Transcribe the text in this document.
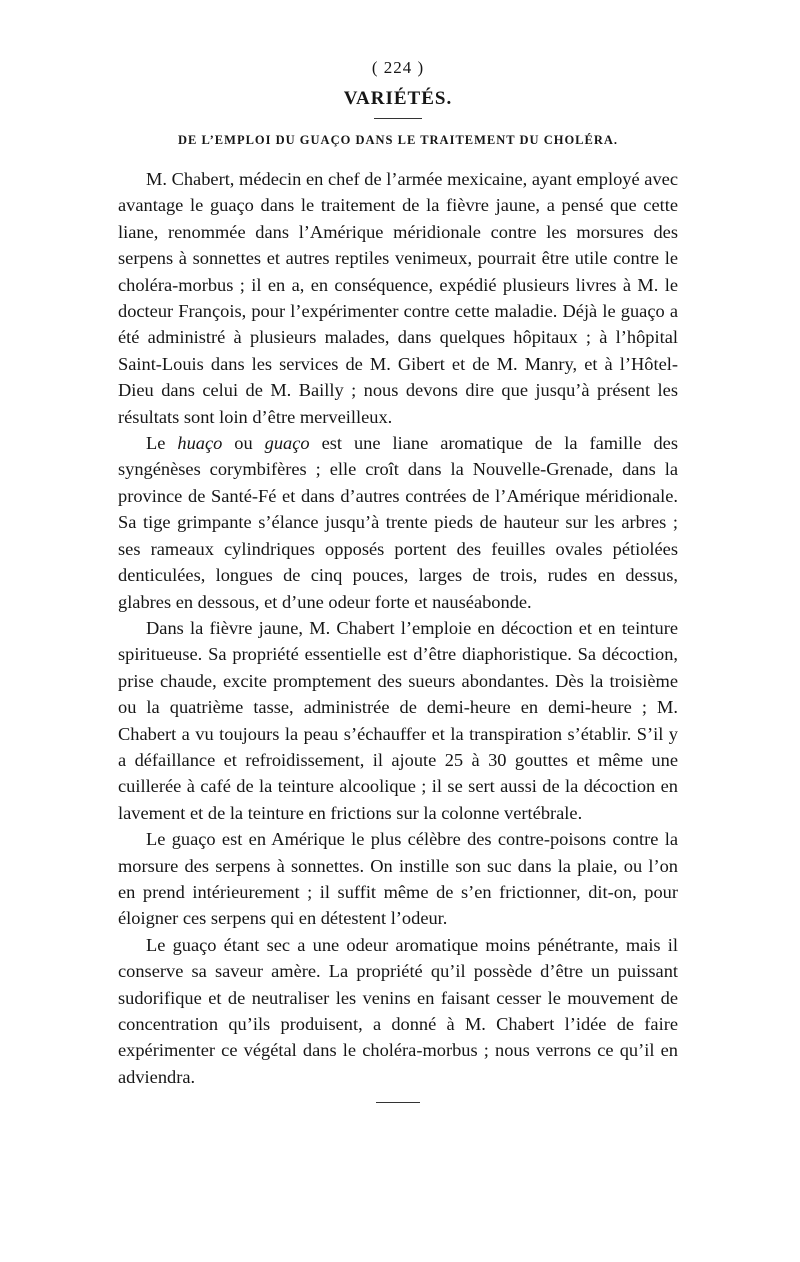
( 224 )
VARIÉTÉS.
DE L’EMPLOI DU GUAÇO DANS LE TRAITEMENT DU CHOLÉRA.

M. Chabert, médecin en chef de l’armée mexicaine, ayant employé avec avantage le guaço dans le traitement de la fièvre jaune, a pensé que cette liane, renommée dans l’Amérique méridionale contre les morsures des serpens à sonnettes et autres reptiles venimeux, pourrait être utile contre le choléra-morbus ; il en a, en conséquence, expédié plusieurs livres à M. le docteur François, pour l’expérimenter contre cette maladie. Déjà le guaço a été administré à plusieurs malades, dans quelques hôpitaux ; à l’hôpital Saint-Louis dans les services de M. Gibert et de M. Manry, et à l’Hôtel-Dieu dans celui de M. Bailly ; nous devons dire que jusqu’à présent les résultats sont loin d’être merveilleux.

Le huaço ou guaço est une liane aromatique de la famille des syngénèses corymbifères ; elle croît dans la Nouvelle-Grenade, dans la province de Santé-Fé et dans d’autres contrées de l’Amérique méridionale. Sa tige grimpante s’élance jusqu’à trente pieds de hauteur sur les arbres ; ses rameaux cylindriques opposés portent des feuilles ovales pétiolées denticulées, longues de cinq pouces, larges de trois, rudes en dessus, glabres en dessous, et d’une odeur forte et nauséabonde.

Dans la fièvre jaune, M. Chabert l’emploie en décoction et en teinture spiritueuse. Sa propriété essentielle est d’être diaphoristique. Sa décoction, prise chaude, excite promptement des sueurs abondantes. Dès la troisième ou la quatrième tasse, administrée de demi-heure en demi-heure ; M. Chabert a vu toujours la peau s’échauffer et la transpiration s’établir. S’il y a défaillance et refroidissement, il ajoute 25 à 30 gouttes et même une cuillerée à café de la teinture alcoolique ; il se sert aussi de la décoction en lavement et de la teinture en frictions sur la colonne vertébrale.

Le guaço est en Amérique le plus célèbre des contre-poisons contre la morsure des serpens à sonnettes. On instille son suc dans la plaie, ou l’on en prend intérieurement ; il suffit même de s’en frictionner, dit-on, pour éloigner ces serpens qui en détestent l’odeur.

Le guaço étant sec a une odeur aromatique moins pénétrante, mais il conserve sa saveur amère. La propriété qu’il possède d’être un puissant sudorifique et de neutraliser les venins en faisant cesser le mouvement de concentration qu’ils produisent, a donné à M. Chabert l’idée de faire expérimenter ce végétal dans le choléra-morbus ; nous verrons ce qu’il en adviendra.
